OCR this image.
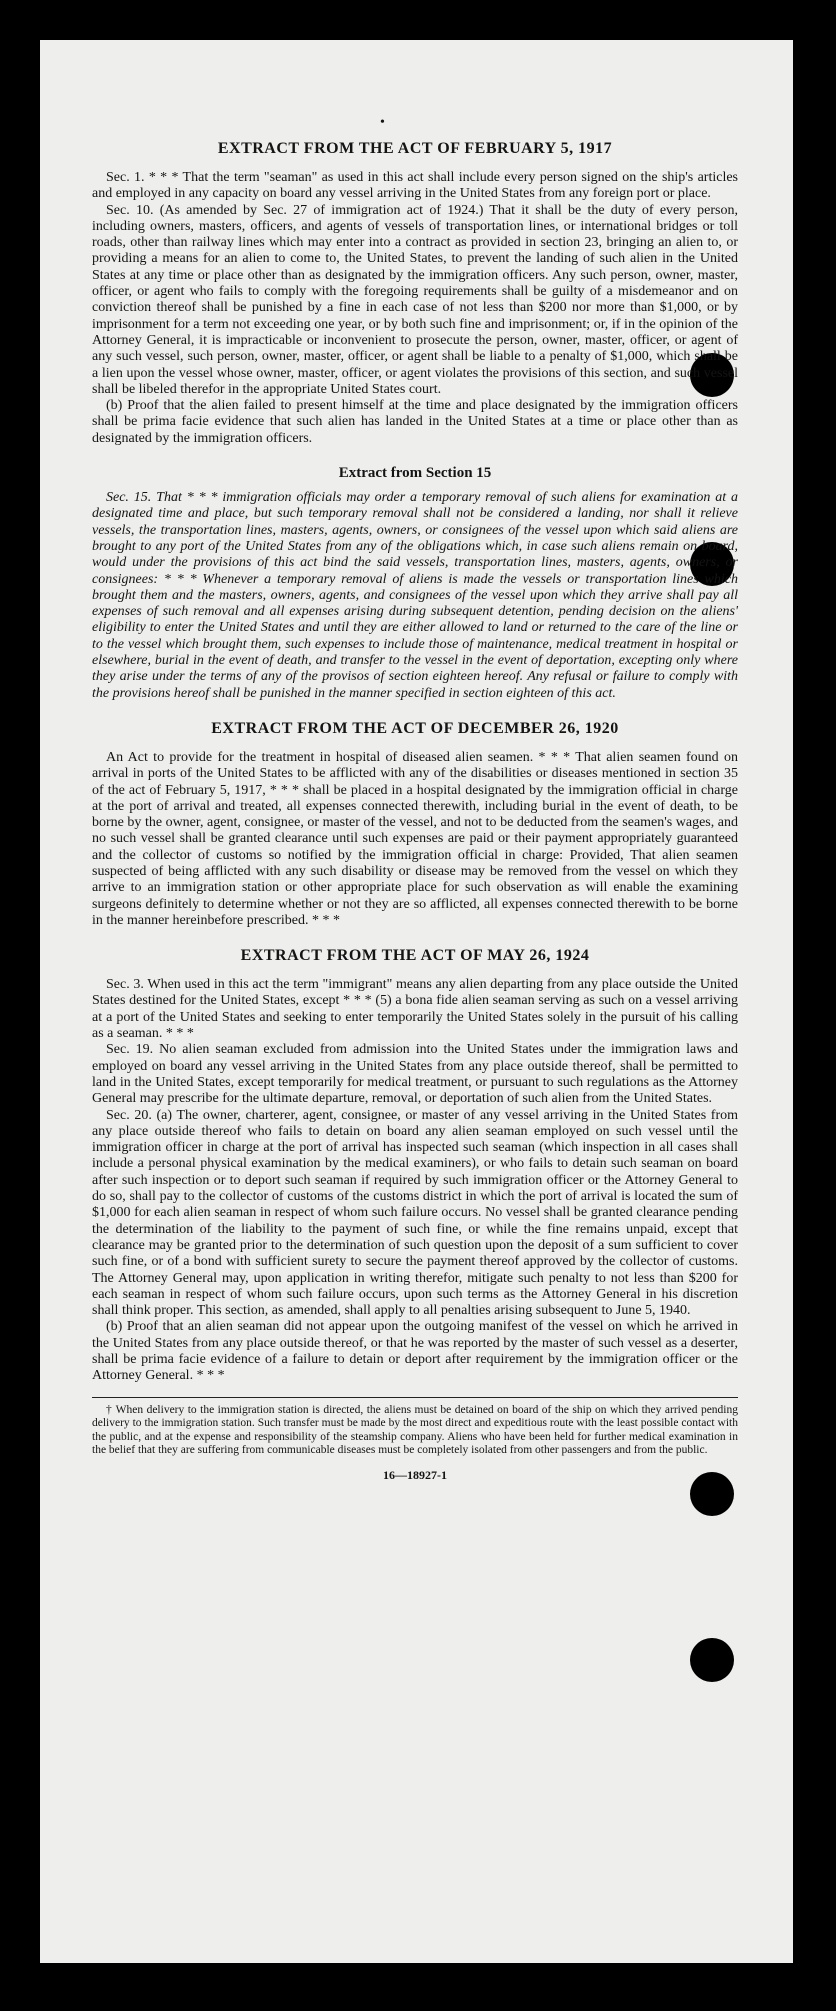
•
EXTRACT FROM THE ACT OF FEBRUARY 5, 1917

Sec. 1. * * * That the term "seaman" as used in this act shall include every person signed on the ship's articles and employed in any capacity on board any vessel arriving in the United States from any foreign port or place.

Sec. 10. (As amended by Sec. 27 of immigration act of 1924.) That it shall be the duty of every person, including owners, masters, officers, and agents of vessels of transportation lines, or international bridges or toll roads, other than railway lines which may enter into a contract as provided in section 23, bringing an alien to, or providing a means for an alien to come to, the United States, to prevent the landing of such alien in the United States at any time or place other than as designated by the immigration officers. Any such person, owner, master, officer, or agent who fails to comply with the foregoing requirements shall be guilty of a misdemeanor and on conviction thereof shall be punished by a fine in each case of not less than $200 nor more than $1,000, or by imprisonment for a term not exceeding one year, or by both such fine and imprisonment; or, if in the opinion of the Attorney General, it is impracticable or inconvenient to prosecute the person, owner, master, officer, or agent of any such vessel, such person, owner, master, officer, or agent shall be liable to a penalty of $1,000, which shall be a lien upon the vessel whose owner, master, officer, or agent violates the provisions of this section, and such vessel shall be libeled therefor in the appropriate United States court.

(b) Proof that the alien failed to present himself at the time and place designated by the immigration officers shall be prima facie evidence that such alien has landed in the United States at a time or place other than as designated by the immigration officers.

Extract from Section 15

Sec. 15. That * * * immigration officials may order a temporary removal of such aliens for examination at a designated time and place, but such temporary removal shall not be considered a landing, nor shall it relieve vessels, the transportation lines, masters, agents, owners, or consignees of the vessel upon which said aliens are brought to any port of the United States from any of the obligations which, in case such aliens remain on board, would under the provisions of this act bind the said vessels, transportation lines, masters, agents, owners, or consignees: * * * Whenever a temporary removal of aliens is made the vessels or transportation lines which brought them and the masters, owners, agents, and consignees of the vessel upon which they arrive shall pay all expenses of such removal and all expenses arising during subsequent detention, pending decision on the aliens' eligibility to enter the United States and until they are either allowed to land or returned to the care of the line or to the vessel which brought them, such expenses to include those of maintenance, medical treatment in hospital or elsewhere, burial in the event of death, and transfer to the vessel in the event of deportation, excepting only where they arise under the terms of any of the provisos of section eighteen hereof. Any refusal or failure to comply with the provisions hereof shall be punished in the manner specified in section eighteen of this act.

EXTRACT FROM THE ACT OF DECEMBER 26, 1920

An Act to provide for the treatment in hospital of diseased alien seamen. * * * That alien seamen found on arrival in ports of the United States to be afflicted with any of the disabilities or diseases mentioned in section 35 of the act of February 5, 1917, * * * shall be placed in a hospital designated by the immigration official in charge at the port of arrival and treated, all expenses connected therewith, including burial in the event of death, to be borne by the owner, agent, consignee, or master of the vessel, and not to be deducted from the seamen's wages, and no such vessel shall be granted clearance until such expenses are paid or their payment appropriately guaranteed and the collector of customs so notified by the immigration official in charge: Provided, That alien seamen suspected of being afflicted with any such disability or disease may be removed from the vessel on which they arrive to an immigration station or other appropriate place for such observation as will enable the examining surgeons definitely to determine whether or not they are so afflicted, all expenses connected therewith to be borne in the manner hereinbefore prescribed. * * *

EXTRACT FROM THE ACT OF MAY 26, 1924

Sec. 3. When used in this act the term "immigrant" means any alien departing from any place outside the United States destined for the United States, except * * * (5) a bona fide alien seaman serving as such on a vessel arriving at a port of the United States and seeking to enter temporarily the United States solely in the pursuit of his calling as a seaman. * * *

Sec. 19. No alien seaman excluded from admission into the United States under the immigration laws and employed on board any vessel arriving in the United States from any place outside thereof, shall be permitted to land in the United States, except temporarily for medical treatment, or pursuant to such regulations as the Attorney General may prescribe for the ultimate departure, removal, or deportation of such alien from the United States.

Sec. 20. (a) The owner, charterer, agent, consignee, or master of any vessel arriving in the United States from any place outside thereof who fails to detain on board any alien seaman employed on such vessel until the immigration officer in charge at the port of arrival has inspected such seaman (which inspection in all cases shall include a personal physical examination by the medical examiners), or who fails to detain such seaman on board after such inspection or to deport such seaman if required by such immigration officer or the Attorney General to do so, shall pay to the collector of customs of the customs district in which the port of arrival is located the sum of $1,000 for each alien seaman in respect of whom such failure occurs. No vessel shall be granted clearance pending the determination of the liability to the payment of such fine, or while the fine remains unpaid, except that clearance may be granted prior to the determination of such question upon the deposit of a sum sufficient to cover such fine, or of a bond with sufficient surety to secure the payment thereof approved by the collector of customs. The Attorney General may, upon application in writing therefor, mitigate such penalty to not less than $200 for each seaman in respect of whom such failure occurs, upon such terms as the Attorney General in his discretion shall think proper. This section, as amended, shall apply to all penalties arising subsequent to June 5, 1940.

(b) Proof that an alien seaman did not appear upon the outgoing manifest of the vessel on which he arrived in the United States from any place outside thereof, or that he was reported by the master of such vessel as a deserter, shall be prima facie evidence of a failure to detain or deport after requirement by the immigration officer or the Attorney General. * * *

† When delivery to the immigration station is directed, the aliens must be detained on board of the ship on which they arrived pending delivery to the immigration station. Such transfer must be made by the most direct and expeditious route with the least possible contact with the public, and at the expense and responsibility of the steamship company. Aliens who have been held for further medical examination in the belief that they are suffering from communicable diseases must be completely isolated from other passengers and from the public.

16—18927-1
